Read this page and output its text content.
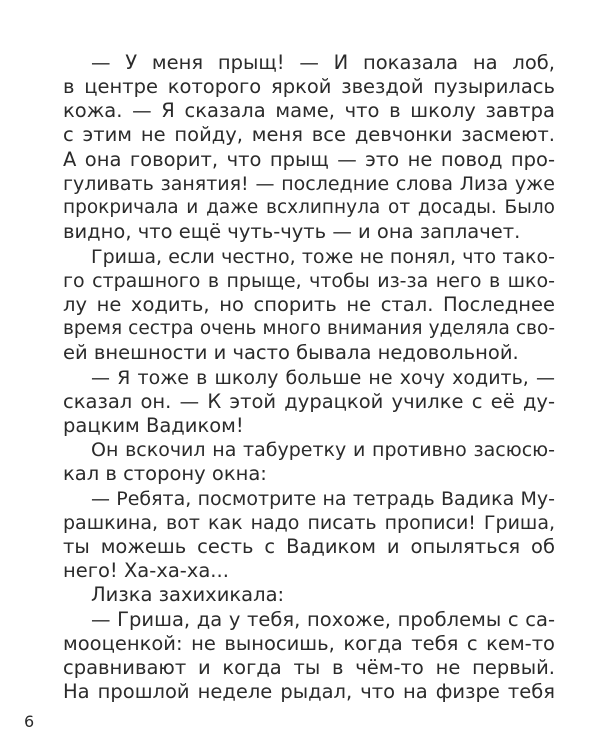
— У меня прыщ! — И показала на лоб,
в центре которого яркой звездой пузырилась
кожа. — Я сказала маме, что в школу завтра
с этим не пойду, меня все девчонки засмеют.
А она говорит, что прыщ — это не повод про-
гуливать занятия! — последние слова Лиза уже
прокричала и даже всхлипнула от досады. Было
видно, что ещё чуть-чуть — и она заплачет.
Гриша, если честно, тоже не понял, что тако-
го страшного в прыще, чтобы из-за него в шко-
лу не ходить, но спорить не стал. Последнее
время сестра очень много внимания уделяла сво-
ей внешности и часто бывала недовольной.
— Я тоже в школу больше не хочу ходить, —
сказал он. — К этой дурацкой училке с её ду-
рацким Вадиком!
Он вскочил на табуретку и противно засюсю-
кал в сторону окна:
— Ребята, посмотрите на тетрадь Вадика Му-
рашкина, вот как надо писать прописи! Гриша,
ты можешь сесть с Вадиком и опыляться об
него! Ха-ха-ха...
Лизка захихикала:
— Гриша, да у тебя, похоже, проблемы с са-
мооценкой: не выносишь, когда тебя с кем-то
сравнивают и когда ты в чём-то не первый.
На прошлой неделе рыдал, что на физре тебя
6
